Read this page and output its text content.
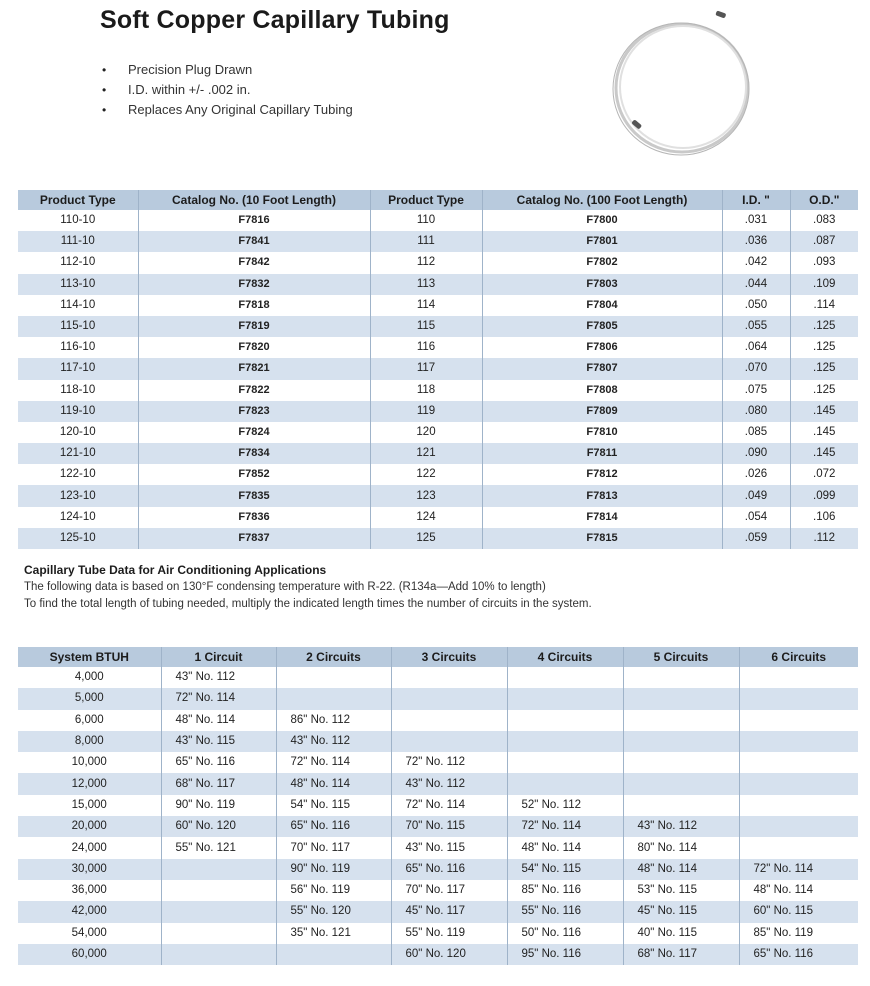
Soft Copper Capillary Tubing
• Precision Plug Drawn
• I.D. within +/- .002 in.
• Replaces Any Original Capillary Tubing
Product Type	Catalog No. (10 Foot Length)	Product Type	Catalog No. (100 Foot Length)	I.D. "	O.D."
110-10	F7816	110	F7800	.031	.083
111-10	F7841	111	F7801	.036	.087
112-10	F7842	112	F7802	.042	.093
113-10	F7832	113	F7803	.044	.109
114-10	F7818	114	F7804	.050	.114
115-10	F7819	115	F7805	.055	.125
116-10	F7820	116	F7806	.064	.125
117-10	F7821	117	F7807	.070	.125
118-10	F7822	118	F7808	.075	.125
119-10	F7823	119	F7809	.080	.145
120-10	F7824	120	F7810	.085	.145
121-10	F7834	121	F7811	.090	.145
122-10	F7852	122	F7812	.026	.072
123-10	F7835	123	F7813	.049	.099
124-10	F7836	124	F7814	.054	.106
125-10	F7837	125	F7815	.059	.112
Capillary Tube Data for Air Conditioning Applications
The following data is based on 130°F condensing temperature with R-22. (R134a—Add 10% to length)
To find the total length of tubing needed, multiply the indicated length times the number of circuits in the system.
System BTUH	1 Circuit	2 Circuits	3 Circuits	4 Circuits	5 Circuits	6 Circuits
4,000	43" No. 112					
5,000	72" No. 114					
6,000	48" No. 114	86" No. 112				
8,000	43" No. 115	43" No. 112				
10,000	65" No. 116	72" No. 114	72" No. 112			
12,000	68" No. 117	48" No. 114	43" No. 112			
15,000	90" No. 119	54" No. 115	72" No. 114	52" No. 112		
20,000	60" No. 120	65" No. 116	70" No. 115	72" No. 114	43" No. 112	
24,000	55" No. 121	70" No. 117	43" No. 115	48" No. 114	80" No. 114	
30,000		90" No. 119	65" No. 116	54" No. 115	48" No. 114	72" No. 114
36,000		56" No. 119	70" No. 117	85" No. 116	53" No. 115	48" No. 114
42,000		55" No. 120	45" No. 117	55" No. 116	45" No. 115	60" No. 115
54,000		35" No. 121	55" No. 119	50" No. 116	40" No. 115	85" No. 119
60,000			60" No. 120	95" No. 116	68" No. 117	65" No. 116
